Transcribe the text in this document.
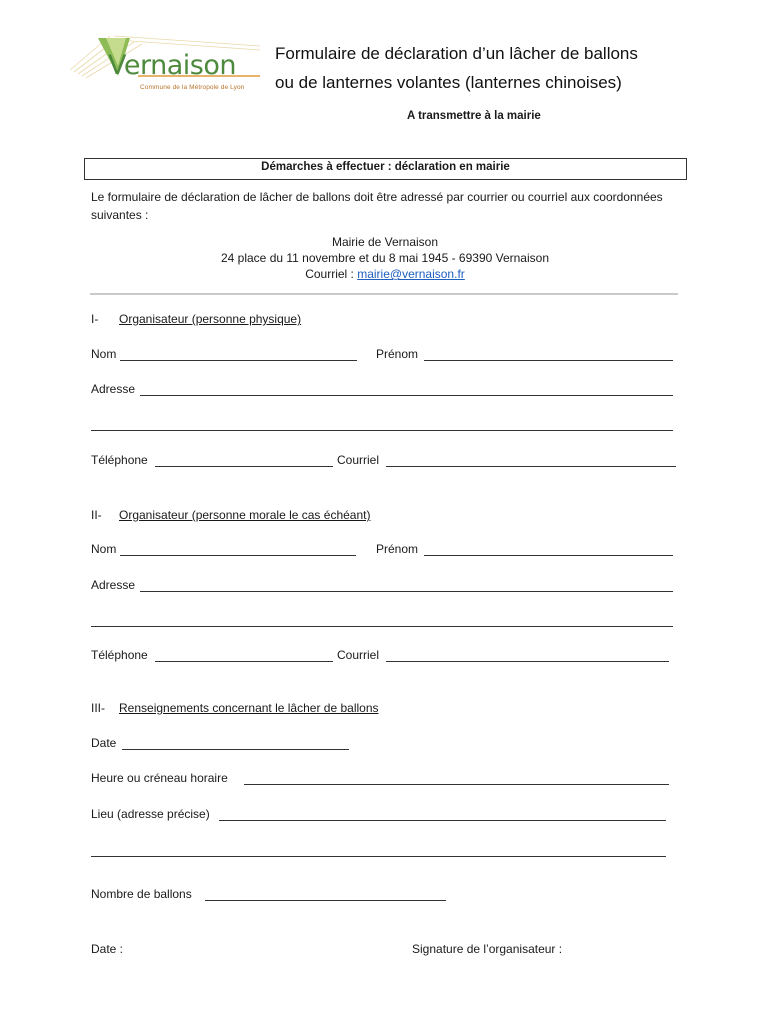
Vernaison
Commune de la Métropole de Lyon
Formulaire de déclaration d’un lâcher de ballons
ou de lanternes volantes (lanternes chinoises)
A transmettre à la mairie
Démarches à effectuer : déclaration en mairie
Le formulaire de déclaration de lâcher de ballons doit être adressé par courrier ou courriel aux coordonnées suivantes :
Mairie de Vernaison
24 place du 11 novembre et du 8 mai 1945 - 69390 Vernaison
Courriel : mairie@vernaison.fr
I- Organisateur (personne physique)
Nom	Prénom
Adresse
Téléphone	Courriel
II- Organisateur (personne morale le cas échéant)
Nom	Prénom
Adresse
Téléphone	Courriel
III- Renseignements concernant le lâcher de ballons
Date
Heure ou créneau horaire
Lieu (adresse précise)
Nombre de ballons
Date :	Signature de l’organisateur :
